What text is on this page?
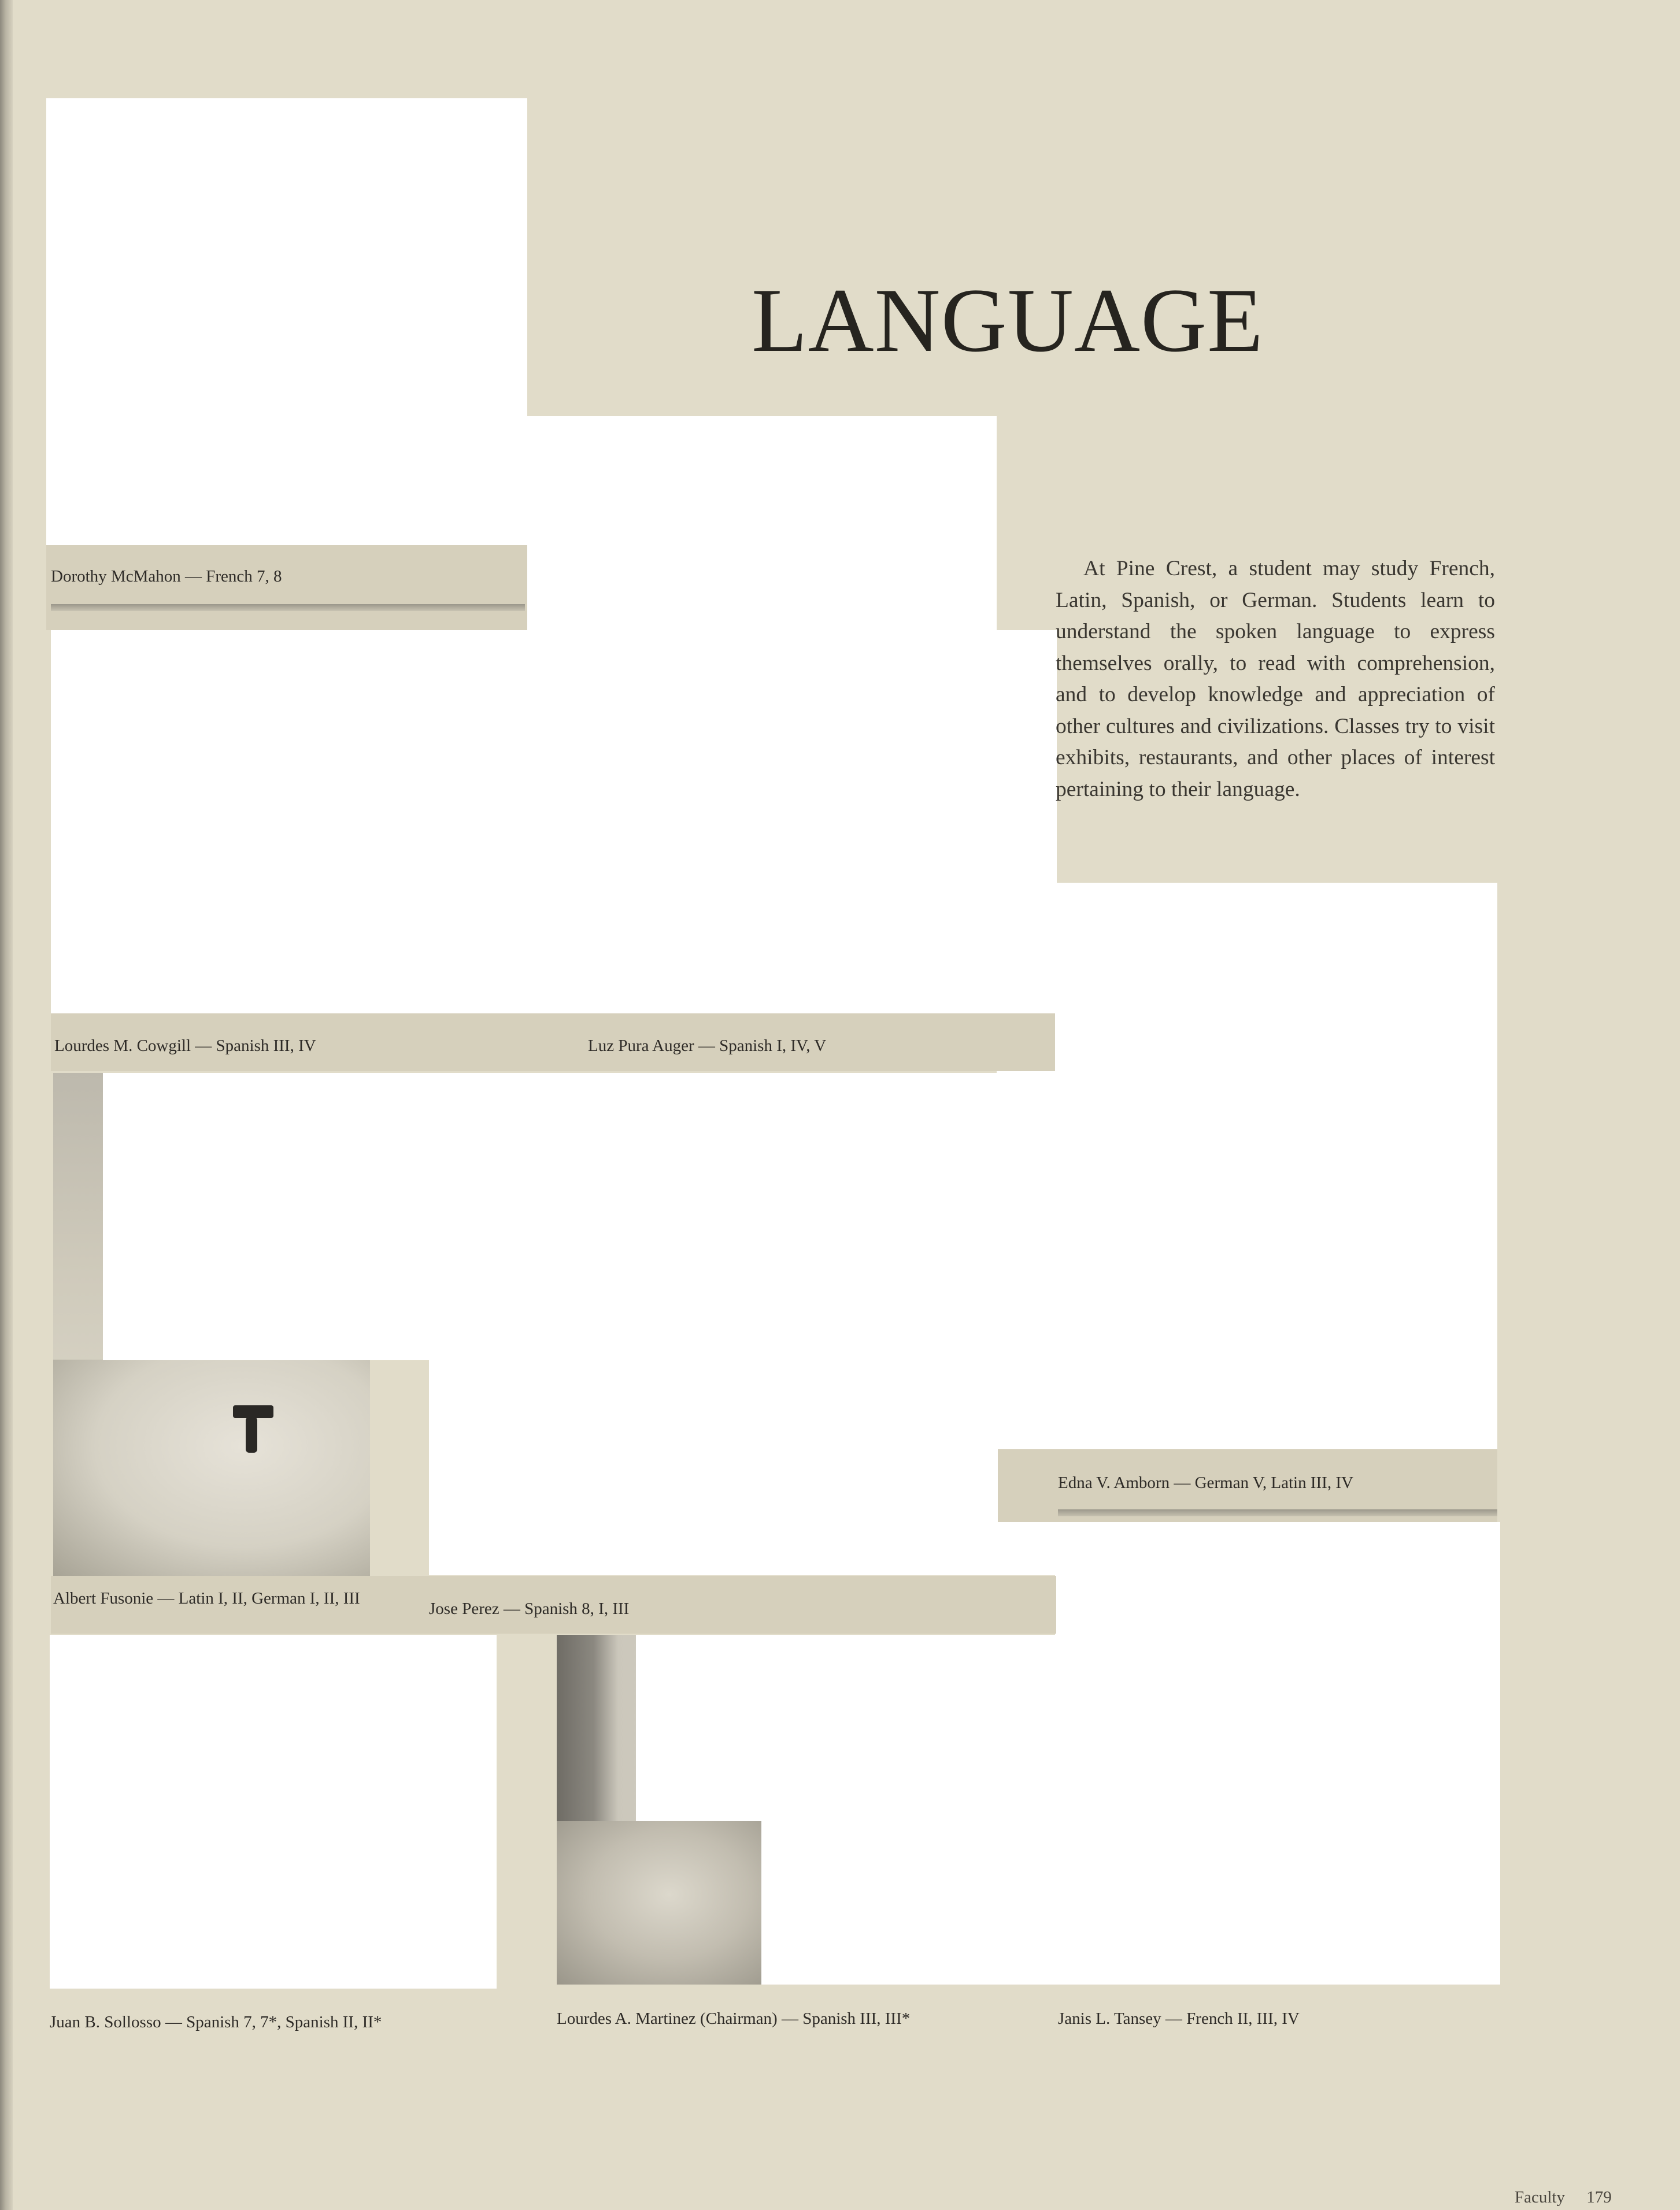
Dorothy McMahon — French 7, 8
LANGUAGE

At Pine Crest, a student may study French, Latin, Spanish, or German. Students learn to understand the spoken language to express themselves orally, to read with comprehension, and to develop knowledge and appreciation of other cultures and civilizations. Classes try to visit exhibits, restaurants, and other places of interest pertaining to their language.

Lourdes M. Cowgill — Spanish III, IV	Luz Pura Auger — Spanish I, IV, V
Edna V. Amborn — German V, Latin III, IV
Albert Fusonie — Latin I, II, German I, II, III
Jose Perez — Spanish 8, I, III
Juan B. Sollosso — Spanish 7, 7*, Spanish II, II*	Lourdes A. Martinez (Chairman) — Spanish III, III*	Janis L. Tansey — French II, III, IV
Faculty 179
